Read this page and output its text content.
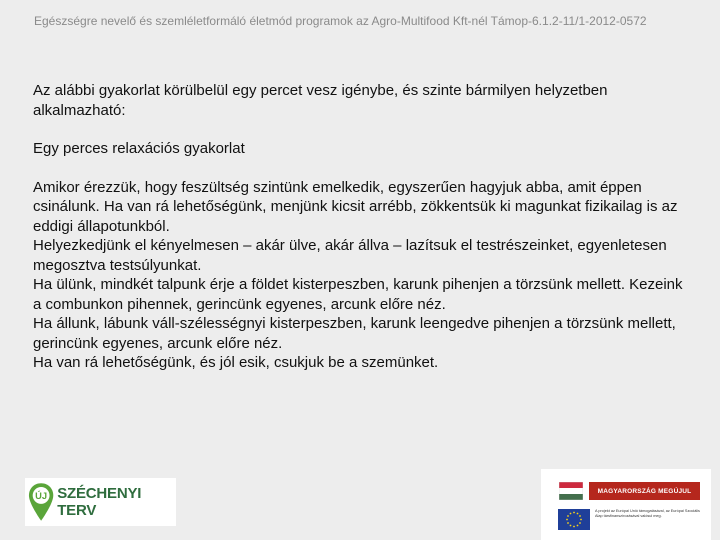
Egészségre nevelő és szemléletformáló életmód programok az Agro-Multifood Kft-nél Támop-6.1.2-11/1-2012-0572

Az alábbi gyakorlat körülbelül egy percet vesz igénybe, és szinte bármilyen helyzetben alkalmazható:

Egy perces relaxációs gyakorlat

Amikor érezzük, hogy feszültség szintünk emelkedik, egyszerűen hagyjuk abba, amit éppen csinálunk. Ha van rá lehetőségünk, menjünk kicsit arrébb, zökkentsük ki magunkat fizikailag is az eddigi állapotunkból.

Helyezkedjünk el kényelmesen – akár ülve, akár állva – lazítsuk el testrészeinket, egyenletesen megosztva testsúlyunkat.

Ha ülünk, mindkét talpunk érje a földet kisterpeszben, karunk pihenjen a törzsünk mellett. Kezeink a combunkon pihennek, gerincünk egyenes, arcunk előre néz.

Ha állunk, lábunk váll-szélességnyi kisterpeszben, karunk leengedve pihenjen a törzsünk mellett, gerincünk egyenes, arcunk előre néz.

Ha van rá lehetőségünk, és jól esik, csukjuk be a szemünket.

ÚJ SZÉCHENYI TERV
MAGYARORSZÁG MEGÚJUL
A projekt az Európai Unió támogatásával, az Európai Szociális Alap társfinanszírozásával valósul meg.
